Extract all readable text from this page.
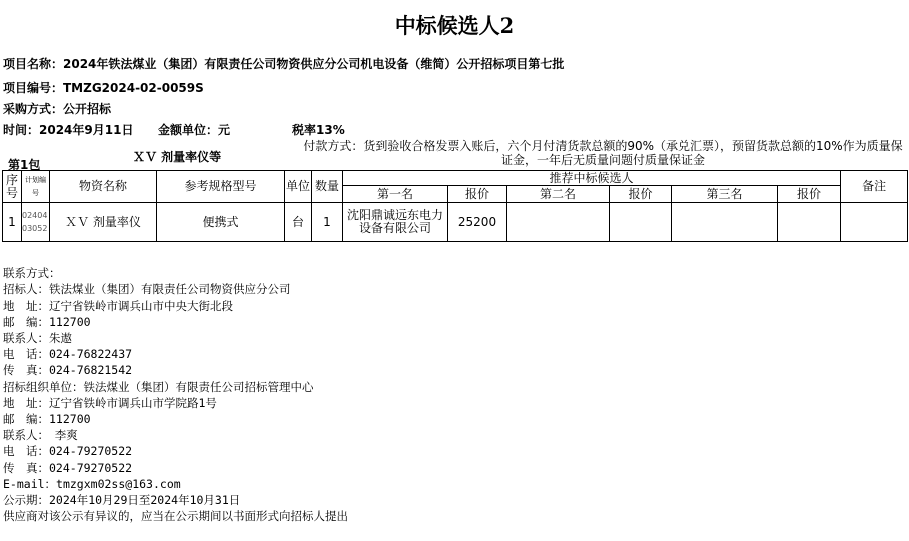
中标候选人2
项目名称：2024年铁法煤业（集团）有限责任公司物资供应分公司机电设备（维简）公开招标项目第七批
项目编号：TMZG2024-02-0059S
采购方式：公开招标
时间：2024年9月11日 金额单位：元	税率13%
付款方式：货到验收合格发票入账后，六个月付清货款总额的90%（承兑汇票），预留货款总额的10%作为质量保证金，一年后无质量问题付质量保证金
第1包
ＸＶ 剂量率仪等
序号	计划编号	物资名称	参考规格型号	单位	数量	推荐中标候选人						备注
						第一名	报价	第二名	报价	第三名	报价	
1	024040305​2	ＸＶ 剂量率仪	便携式	台	1	沈阳鼎诚远东电力设备有限公司	25200					

联系方式：
招标人：铁法煤业（集团）有限责任公司物资供应分公司
地　址：辽宁省铁岭市调兵山市中央大街北段
邮　编：112700
联系人：朱遨
电　话：024-76822437
传　真：024-76821542
招标组织单位：铁法煤业（集团）有限责任公司招标管理中心
地　址：辽宁省铁岭市调兵山市学院路1号
邮　编：112700
联系人：　李爽
电　话：024-79270522
传　真：024-79270522
E-mail：tmzgxm02ss@163.com
公示期：2024年10月29日至2024年10月31日
供应商对该公示有异议的，应当在公示期间以书面形式向招标人提出
